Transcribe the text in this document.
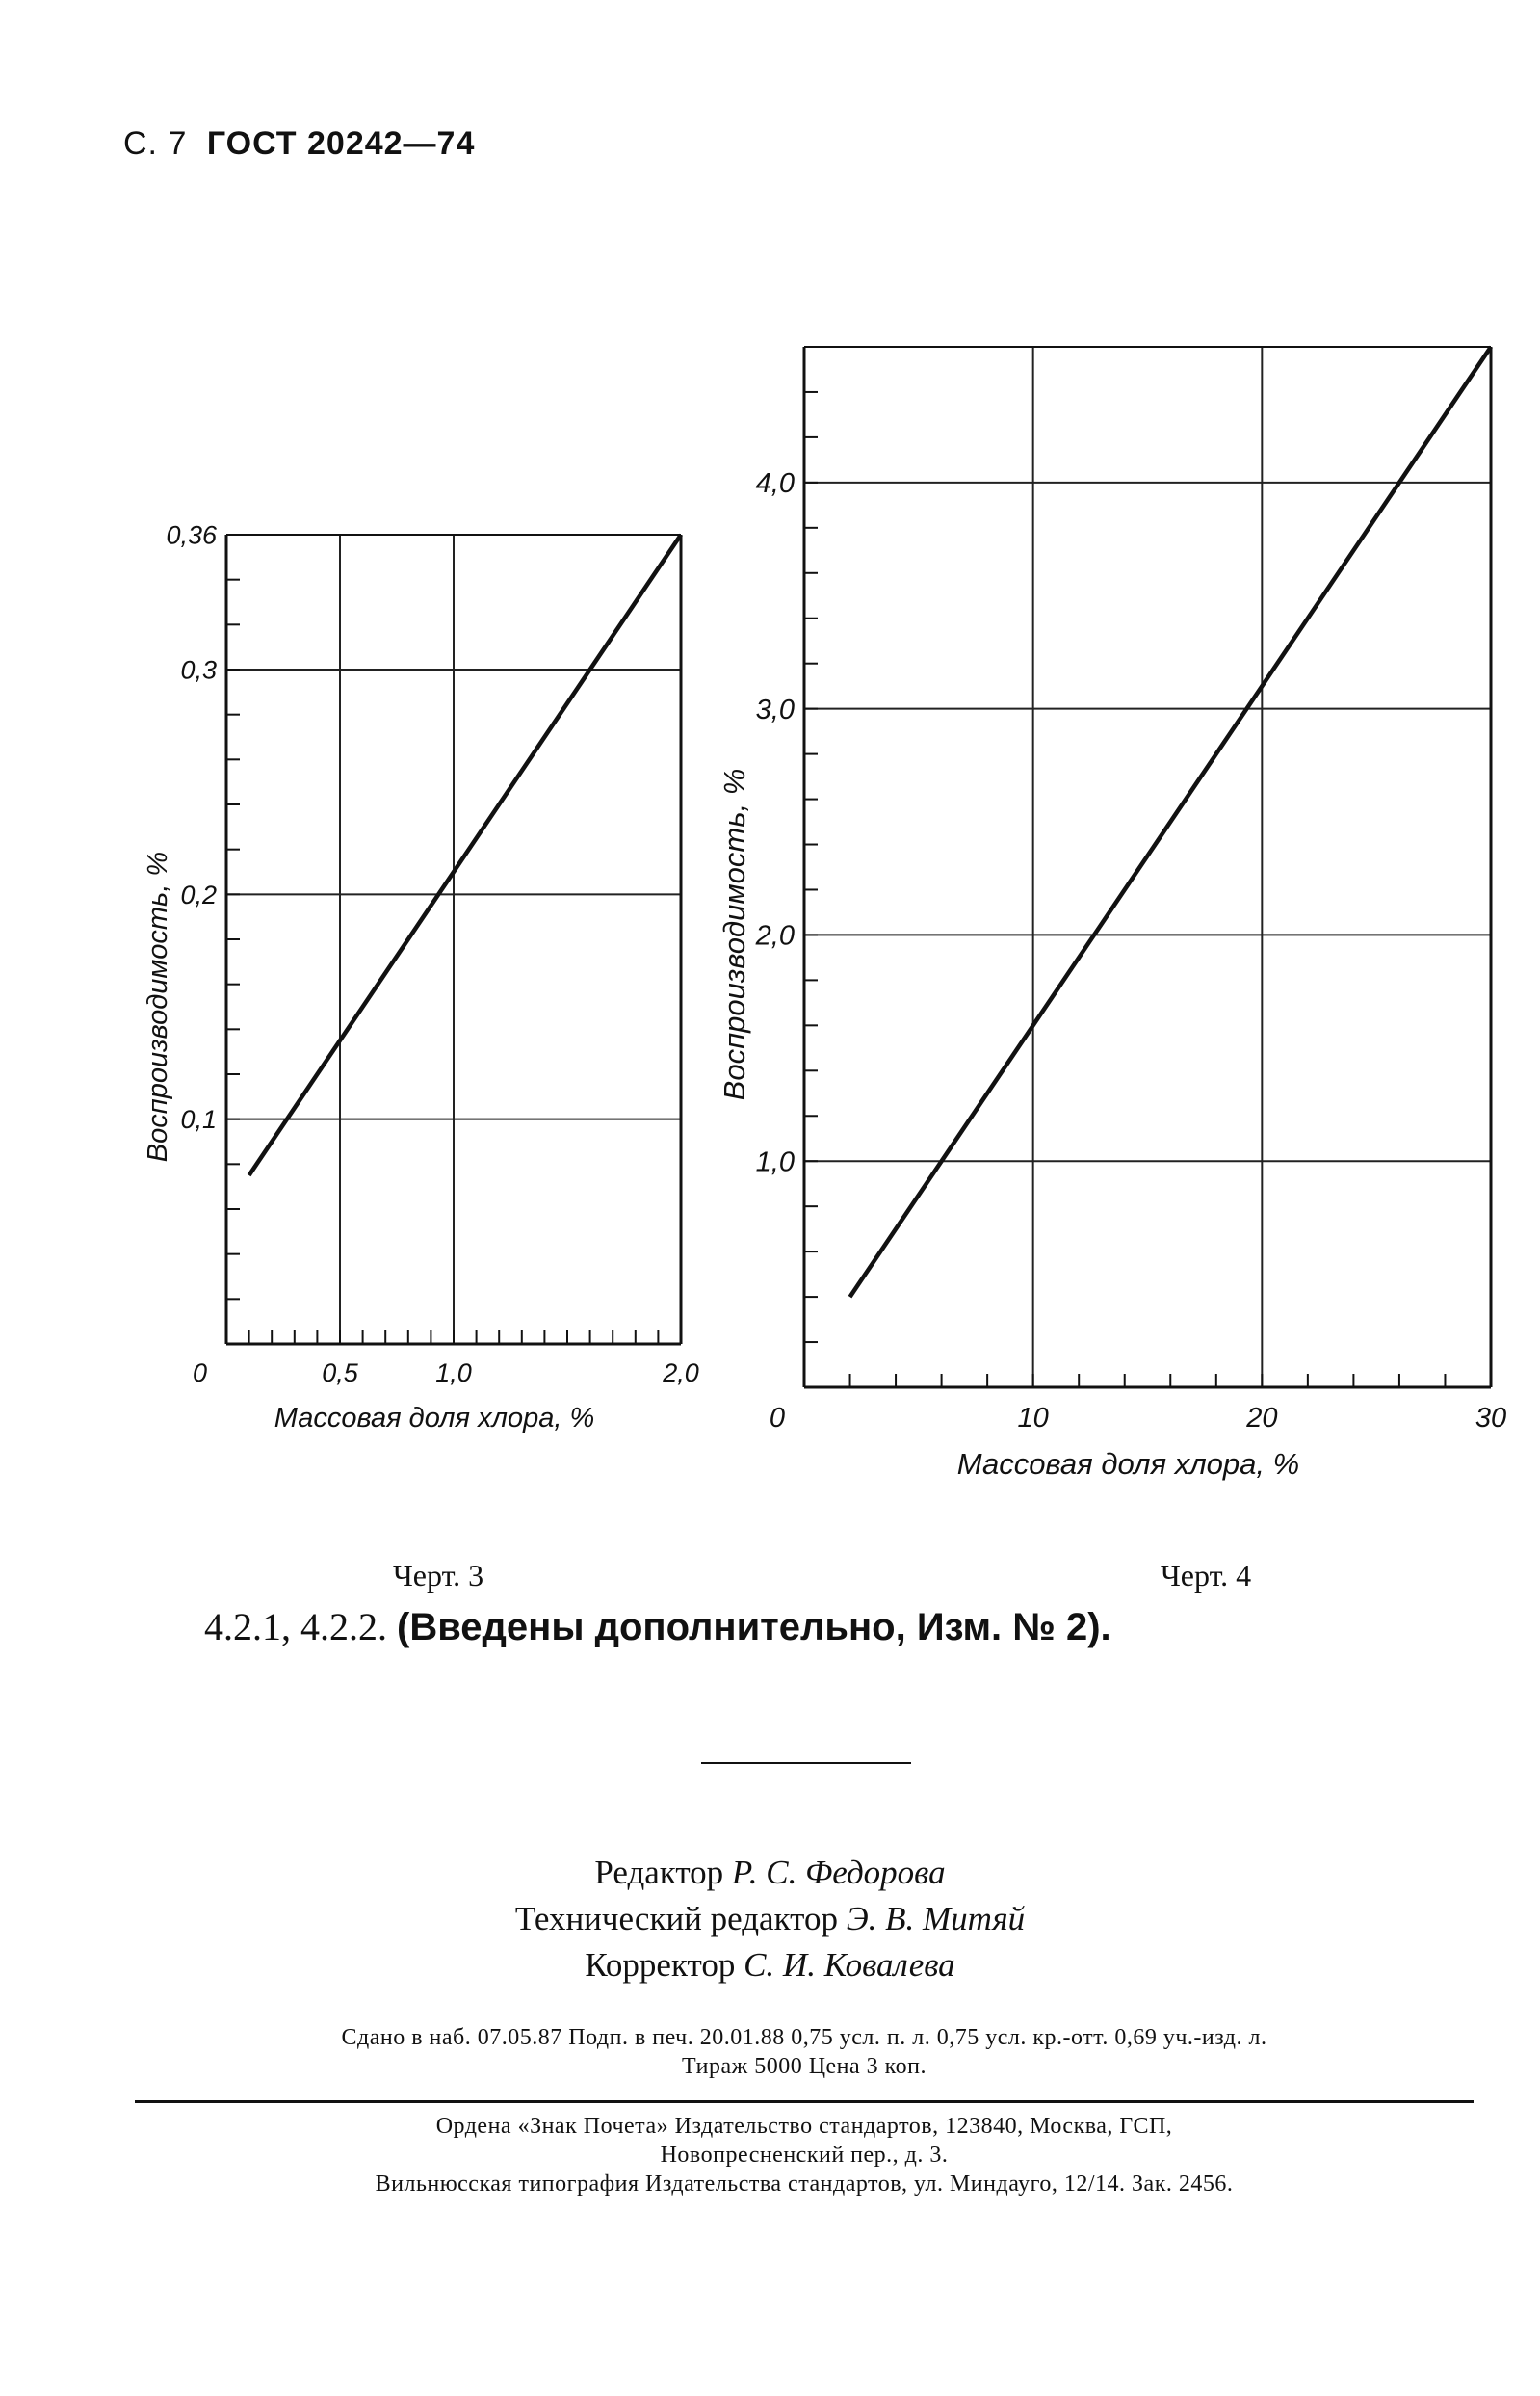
С. 7 ГОСТ 20242—74
0,5	1,0	2,0
0,1
0,2
0,3
0,36
0
Массовая доля хлора, %
Воспроизводимость, %
Черт. 3
10	20	30
1,0
2,0
3,0
4,0
0
Массовая доля хлора, %
Воспроизводимость, %
Черт. 4
4.2.1, 4.2.2. (Введены дополнительно, Изм. № 2).
Редактор Р. С. Федорова
Технический редактор Э. В. Митяй
Корректор С. И. Ковалева
Сдано в наб. 07.05.87 Подп. в печ. 20.01.88 0,75 усл. п. л. 0,75 усл. кр.-отт. 0,69 уч.-изд. л.
Тираж 5000 Цена 3 коп.
Ордена «Знак Почета» Издательство стандартов, 123840, Москва, ГСП,
Новопресненский пер., д. 3.
Вильнюсская типография Издательства стандартов, ул. Миндауго, 12/14. Зак. 2456.
